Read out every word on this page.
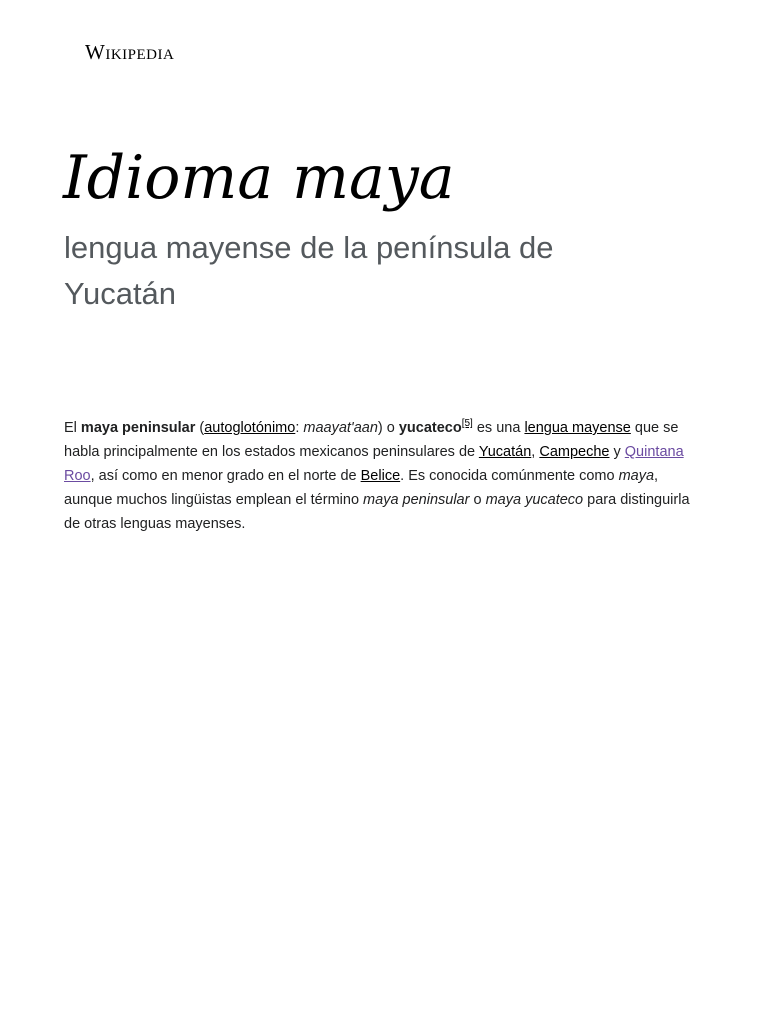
Wikipedia
Idioma maya

lengua mayense de la península de Yucatán

El maya peninsular (autoglotónimo: maayat'aan) o yucateco[5] es una lengua mayense que se habla principalmente en los estados mexicanos peninsulares de Yucatán, Campeche y Quintana Roo, así como en menor grado en el norte de Belice. Es conocida comúnmente como maya, aunque muchos lingüistas emplean el término maya peninsular o maya yucateco para distinguirla de otras lenguas mayenses.
